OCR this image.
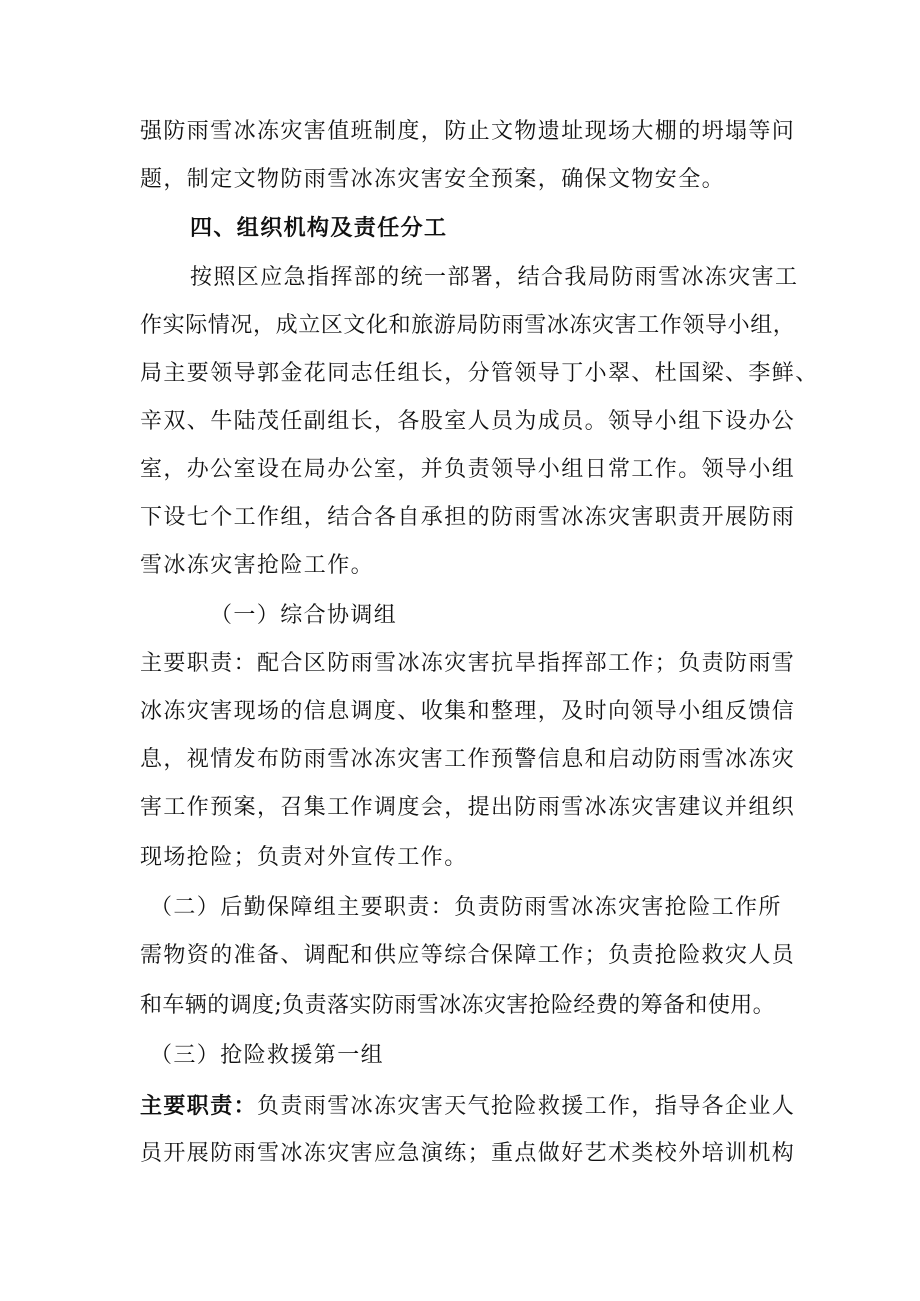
强防雨雪冰冻灾害值班制度，防止文物遗址现场大棚的坍塌等问
题，制定文物防雨雪冰冻灾害安全预案，确保文物安全。
四、组织机构及责任分工
按照区应急指挥部的统一部署，结合我局防雨雪冰冻灾害工
作实际情况，成立区文化和旅游局防雨雪冰冻灾害工作领导小组，
局主要领导郭金花同志任组长，分管领导丁小翠、杜国梁、李鲜、
辛双、牛陆茂任副组长，各股室人员为成员。领导小组下设办公
室，办公室设在局办公室，并负责领导小组日常工作。领导小组
下设七个工作组，结合各自承担的防雨雪冰冻灾害职责开展防雨
雪冰冻灾害抢险工作。
（一）综合协调组
主要职责：配合区防雨雪冰冻灾害抗旱指挥部工作；负责防雨雪
冰冻灾害现场的信息调度、收集和整理，及时向领导小组反馈信
息，视情发布防雨雪冰冻灾害工作预警信息和启动防雨雪冰冻灾
害工作预案，召集工作调度会，提出防雨雪冰冻灾害建议并组织
现场抢险；负责对外宣传工作。
（二）后勤保障组主要职责：负责防雨雪冰冻灾害抢险工作所
需物资的准备、调配和供应等综合保障工作；负责抢险救灾人员
和车辆的调度;负责落实防雨雪冰冻灾害抢险经费的筹备和使用。
（三）抢险救援第一组
主要职责：负责雨雪冰冻灾害天气抢险救援工作，指导各企业人
员开展防雨雪冰冻灾害应急演练；重点做好艺术类校外培训机构
